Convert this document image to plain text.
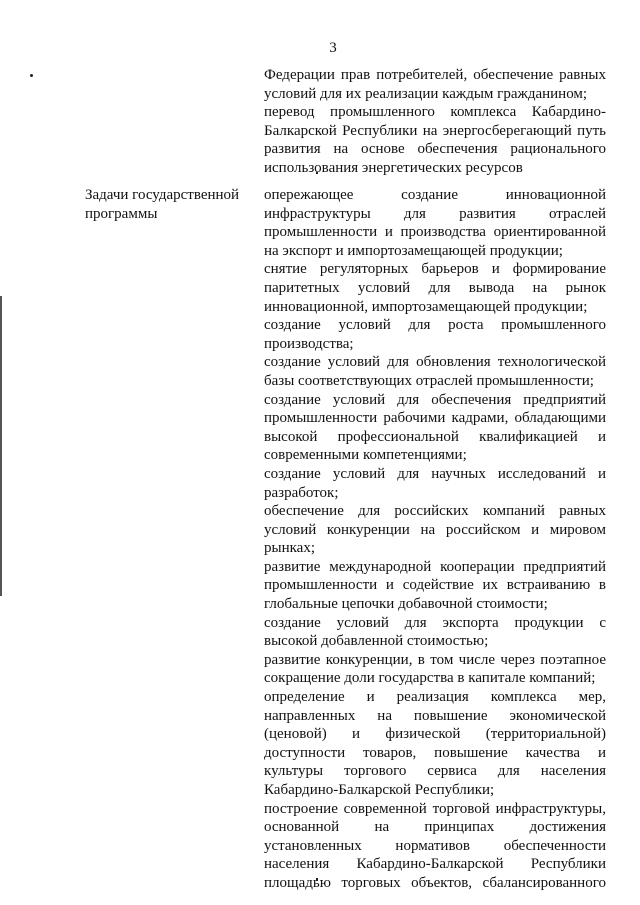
3
Федерации прав потребителей, обеспечение равных
условий для их реализации каждым гражданином;
перевод промышленного комплекса Кабардино-
Балкарской Республики на энергосберегающий путь
развития на основе обеспечения рационального
использования энергетических ресурсов
Задачи государственной
программы
опережающее создание инновационной
инфраструктуры для развития отраслей
промышленности и производства ориентированной
на экспорт и импортозамещающей продукции;
снятие регуляторных барьеров и формирование
паритетных условий для вывода на рынок
инновационной, импортозамещающей продукции;
создание условий для роста промышленного
производства;
создание условий для обновления технологической
базы соответствующих отраслей промышленности;
создание условий для обеспечения предприятий
промышленности рабочими кадрами, обладающими
высокой профессиональной квалификацией и
современными компетенциями;
создание условий для научных исследований и
разработок;
обеспечение для российских компаний равных
условий конкуренции на российском и мировом
рынках;
развитие международной кооперации предприятий
промышленности и содействие их встраиванию в
глобальные цепочки добавочной стоимости;
создание условий для экспорта продукции с
высокой добавленной стоимостью;
развитие конкуренции, в том числе через поэтапное
сокращение доли государства в капитале компаний;
определение и реализация комплекса мер,
направленных на повышение экономической
(ценовой) и физической (территориальной)
доступности товаров, повышение качества и
культуры торгового сервиса для населения
Кабардино-Балкарской Республики;
построение современной торговой инфраструктуры,
основанной на принципах достижения
установленных нормативов обеспеченности
населения Кабардино-Балкарской Республики
площадью торговых объектов, сбалансированного
